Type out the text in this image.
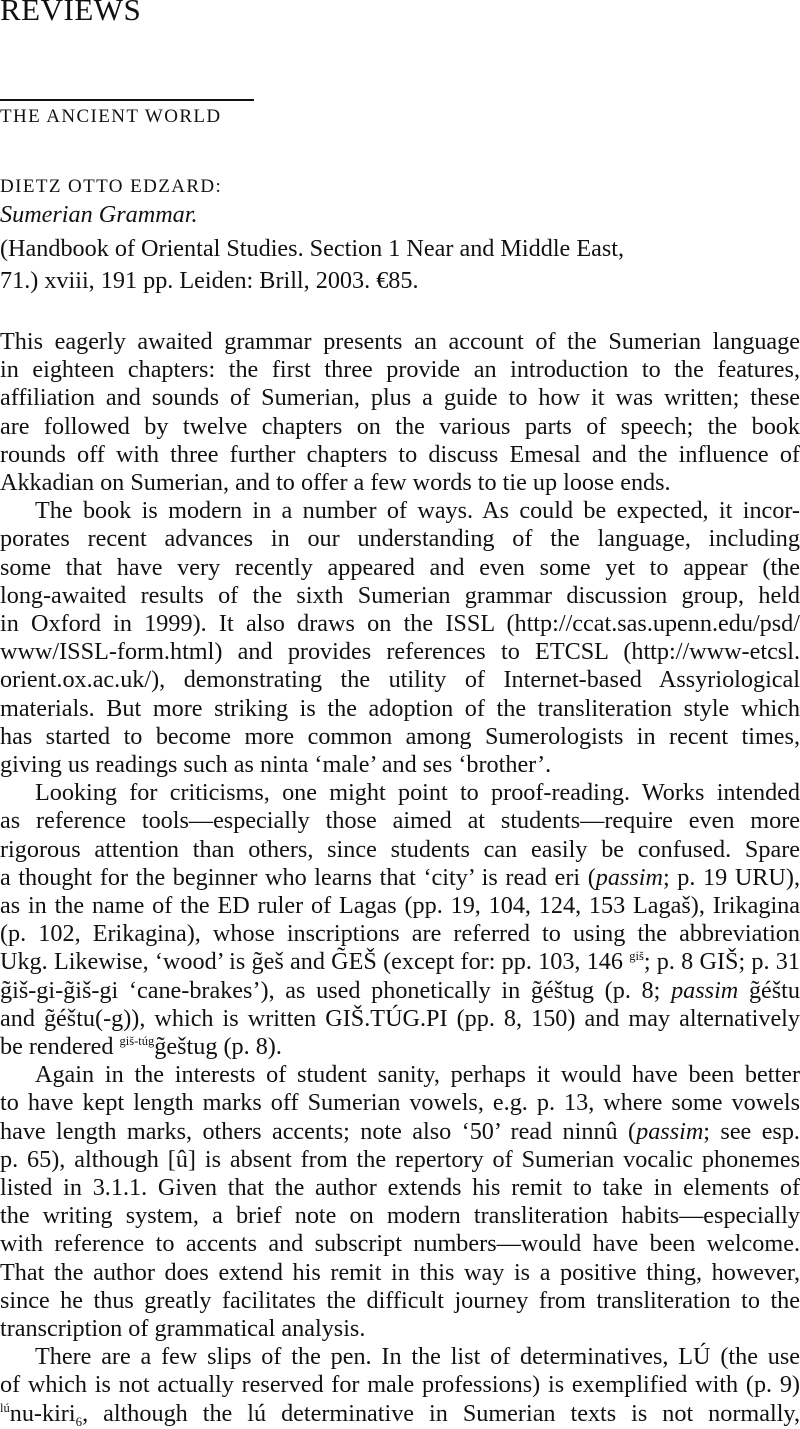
REVIEWS
THE ANCIENT WORLD
DIETZ OTTO EDZARD:
Sumerian Grammar.
(Handbook of Oriental Studies. Section 1 Near and Middle East,
71.) xviii, 191 pp. Leiden: Brill, 2003. €85.
This eagerly awaited grammar presents an account of the Sumerian language
in eighteen chapters: the first three provide an introduction to the features,
affiliation and sounds of Sumerian, plus a guide to how it was written; these
are followed by twelve chapters on the various parts of speech; the book
rounds off with three further chapters to discuss Emesal and the influence of
Akkadian on Sumerian, and to offer a few words to tie up loose ends.
The book is modern in a number of ways. As could be expected, it incor-
porates recent advances in our understanding of the language, including
some that have very recently appeared and even some yet to appear (the
long-awaited results of the sixth Sumerian grammar discussion group, held
in Oxford in 1999). It also draws on the ISSL (http://ccat.sas.upenn.edu/psd/
www/ISSL-form.html) and provides references to ETCSL (http://www-etcsl.
orient.ox.ac.uk/), demonstrating the utility of Internet-based Assyriological
materials. But more striking is the adoption of the transliteration style which
has started to become more common among Sumerologists in recent times,
giving us readings such as ninta ‘male’ and ses ‘brother’.
Looking for criticisms, one might point to proof-reading. Works intended
as reference tools—especially those aimed at students—require even more
rigorous attention than others, since students can easily be confused. Spare
a thought for the beginner who learns that ‘city’ is read eri (passim; p. 19 URU),
as in the name of the ED ruler of Lagas (pp. 19, 104, 124, 153 Lagaš), Irikagina
(p. 102, Erikagina), whose inscriptions are referred to using the abbreviation
Ukg. Likewise, ‘wood’ is g̃eš and G̃EŠ (except for: pp. 103, 146 $^{giš}$; p. 8 GIŠ; p. 31
g̃iš-gi-g̃iš-gi ‘cane-brakes’), as used phonetically in g̃éštug (p. 8; passim g̃éštu
and g̃éštu(-g)), which is written GIŠ.TÚG.PI (pp. 8, 150) and may alternatively
be rendered $^{giš-túg}$g̃eštug (p. 8).
Again in the interests of student sanity, perhaps it would have been better
to have kept length marks off Sumerian vowels, e.g. p. 13, where some vowels
have length marks, others accents; note also ‘50’ read ninnû (passim; see esp.
p. 65), although [û] is absent from the repertory of Sumerian vocalic phonemes
listed in 3.1.1. Given that the author extends his remit to take in elements of
the writing system, a brief note on modern transliteration habits—especially
with reference to accents and subscript numbers—would have been welcome.
That the author does extend his remit in this way is a positive thing, however,
since he thus greatly facilitates the difficult journey from transliteration to the
transcription of grammatical analysis.
There are a few slips of the pen. In the list of determinatives, LÚ (the use
of which is not actually reserved for male professions) is exemplified with (p. 9)
$^{lú}$nu-kiri$_6$, although the lú determinative in Sumerian texts is not normally,
